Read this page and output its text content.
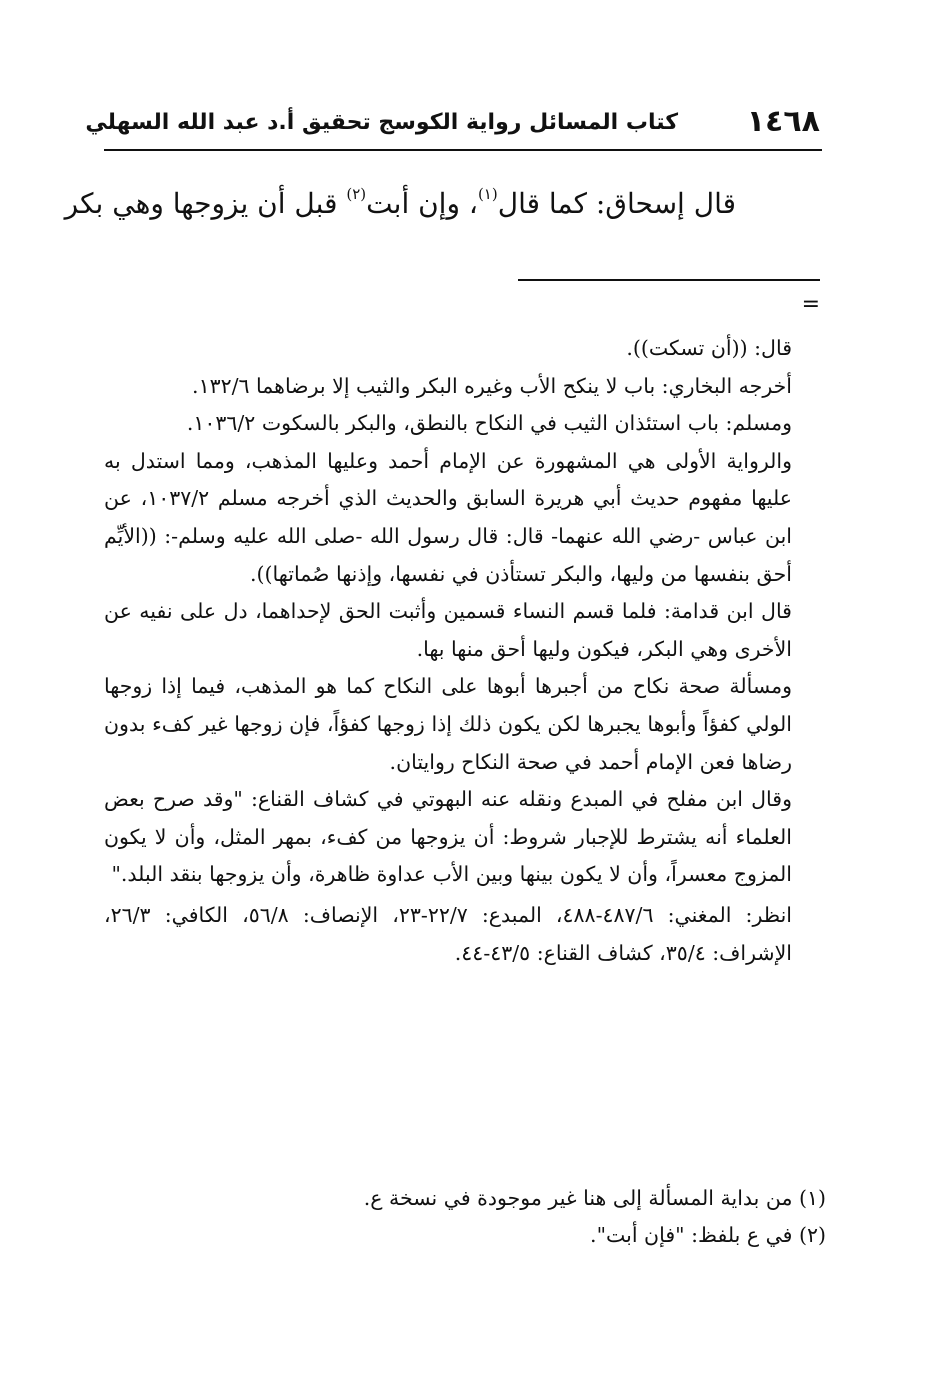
١٤٦٨
كتاب المسائل رواية الكوسج تحقيق أ.د عبد الله السهلي
قال إسحاق: كما قال$^{(١)}$، وإن أبت$^{(٢)}$ قبل أن يزوجها وهي بكر
=

قال: ((أن تسكت)).

أخرجه البخاري: باب لا ينكح الأب وغيره البكر والثيب إلا برضاهما ١٣٢/٦.

ومسلم: باب استئذان الثيب في النكاح بالنطق، والبكر بالسكوت ١٠٣٦/٢.

والرواية الأولى هي المشهورة عن الإمام أحمد وعليها المذهب، ومما استدل به عليها مفهوم حديث أبي هريرة السابق والحديث الذي أخرجه مسلم ١٠٣٧/٢، عن ابن عباس -رضي الله عنهما- قال: قال رسول الله -صلى الله عليه وسلم-: ((الأيِّم أحق بنفسها من وليها، والبكر تستأذن في نفسها، وإذنها صُماتها)).

قال ابن قدامة: فلما قسم النساء قسمين وأثبت الحق لإحداهما، دل على نفيه عن الأخرى وهي البكر، فيكون وليها أحق منها بها.

ومسألة صحة نكاح من أجبرها أبوها على النكاح كما هو المذهب، فيما إذا زوجها الولي كفؤاً وأبوها يجبرها لكن يكون ذلك إذا زوجها كفؤاً، فإن زوجها غير كفء بدون رضاها فعن الإمام أحمد في صحة النكاح روايتان.

وقال ابن مفلح في المبدع ونقله عنه البهوتي في كشاف القناع: "وقد صرح بعض العلماء أنه يشترط للإجبار شروط: أن يزوجها من كفء، بمهر المثل، وأن لا يكون المزوج معسراً، وأن لا يكون بينها وبين الأب عداوة ظاهرة، وأن يزوجها بنقد البلد."

انظر: المغني: ٤٨٧/٦-٤٨٨، المبدع: ٢٢/٧-٢٣، الإنصاف: ٥٦/٨، الكافي: ٢٦/٣، الإشراف: ٣٥/٤، كشاف القناع: ٤٣/٥-٤٤.

(١) من بداية المسألة إلى هنا غير موجودة في نسخة ع.

(٢) في ع بلفظ: "فإن أبت".
